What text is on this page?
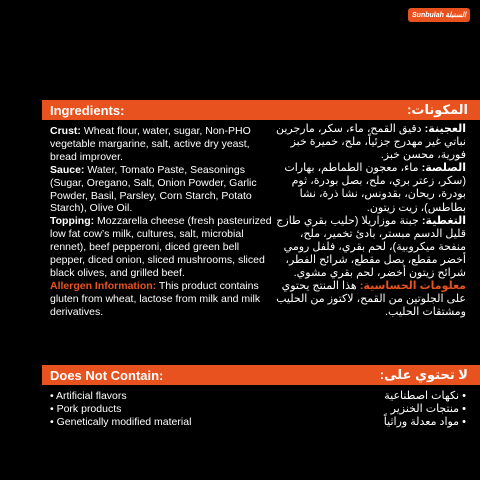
Sunbulah السنبلة
Ingredients:	المكونات:

Crust: Wheat flour, water, sugar, Non-PHO vegetable margarine, salt, active dry yeast, bread improver.

Sauce: Water, Tomato Paste, Seasonings (Sugar, Oregano, Salt, Onion Powder, Garlic Powder, Basil, Parsley, Corn Starch, Potato Starch), Olive Oil.

Topping: Mozzarella cheese (fresh pasteurized low fat cow’s milk, cultures, salt, microbial rennet), beef pepperoni, diced green bell pepper, diced onion, sliced mushrooms, sliced black olives, and grilled beef.

Allergen Information: This product contains gluten from wheat, lactose from milk and milk derivatives.

العجينة: دقيق القمح، ماء، سكر، مارجرين نباتي غير مهدرج جزئياً، ملح، خميرة خبز فورية، محسن خبز.

الصلصة: ماء، معجون الطماطم، بهارات (سكر، زعتر بري، ملح، بصل بودرة، ثوم بودرة، ريحان، بقدونس، نشا ذرة، نشا بطاطس)، زيت زيتون.

التغطية: جبنة موزاريلا (حليب بقري طازج قليل الدسم مبستر، بادئ تخمير، ملح، منفحة ميكروبية)، لحم بقري، فلفل رومي أخضر مقطع، بصل مقطع، شرائح الفطر، شرائح زيتون أخضر، لحم بقري مشوي.

معلومات الحساسية: هذا المنتج يحتوي على الجلوتين من القمح، لاكتوز من الحليب ومشتقات الحليب.

Does Not Contain:	لا تحتوي على:
• Artificial flavors
• Pork products
• Genetically modified material
• نكهات اصطناعية
• منتجات الخنزير
• مواد معدلة وراثياً
